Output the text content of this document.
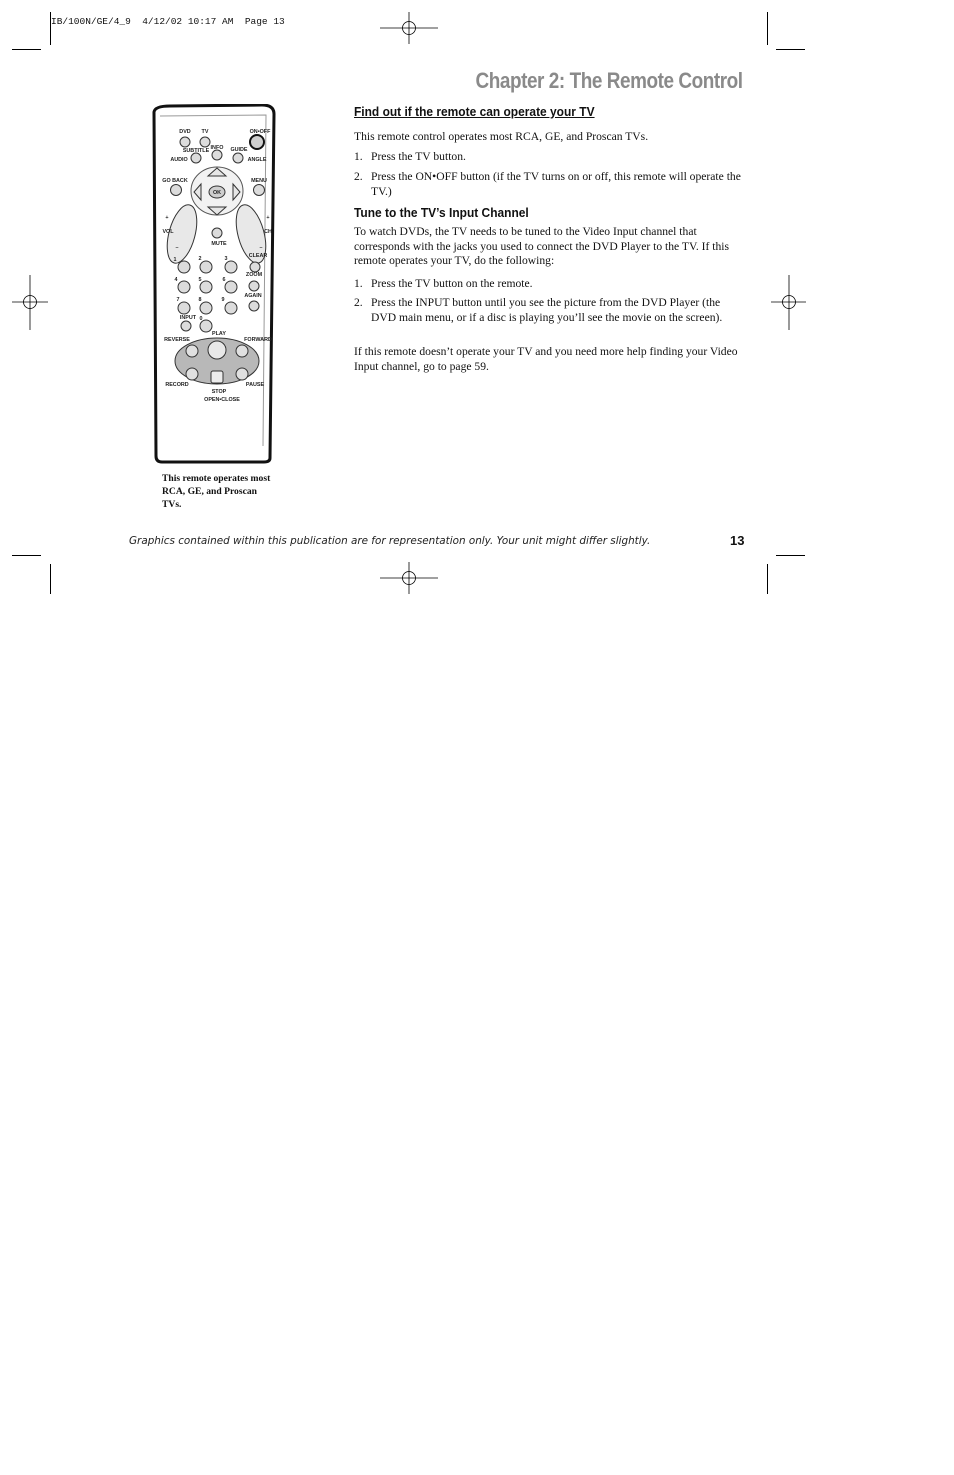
IB/100N/GE/4_9  4/12/02 10:17 AM  Page 13
Chapter 2: The Remote Control
DVD TV	ON•OFF
SUBTITLE INFO GUIDE
AUDIO	ANGLE
GO BACK	MENU
OK
+
VOL
–
+
CH
–
MUTE
1	2	3	CLEAR
4	5	6
ZOOM
7	8	9
AGAIN
INPUT 0
PLAY
REVERSE	FORWARD
RECORD	PAUSE
STOP
OPEN•CLOSE
This remote operates most RCA, GE, and Proscan TVs.
Find out if the remote can operate your TV

This remote control operates most RCA, GE, and Proscan TVs.

1. Press the TV button.
2. Press the ON•OFF button (if the TV turns on or off, this remote will operate the TV.)
Tune to the TV’s Input Channel

To watch DVDs, the TV needs to be tuned to the Video Input channel that corresponds with the jacks you used to connect the DVD Player to the TV. If this remote operates your TV, do the following:

1. Press the TV button on the remote.
2. Press the INPUT button until you see the picture from the DVD Player (the DVD main menu, or if a disc is playing you’ll see the movie on the screen).

If this remote doesn’t operate your TV and you need more help finding your Video Input channel, go to page 59.

Graphics contained within this publication are for representation only. Your unit might differ slightly.	13
